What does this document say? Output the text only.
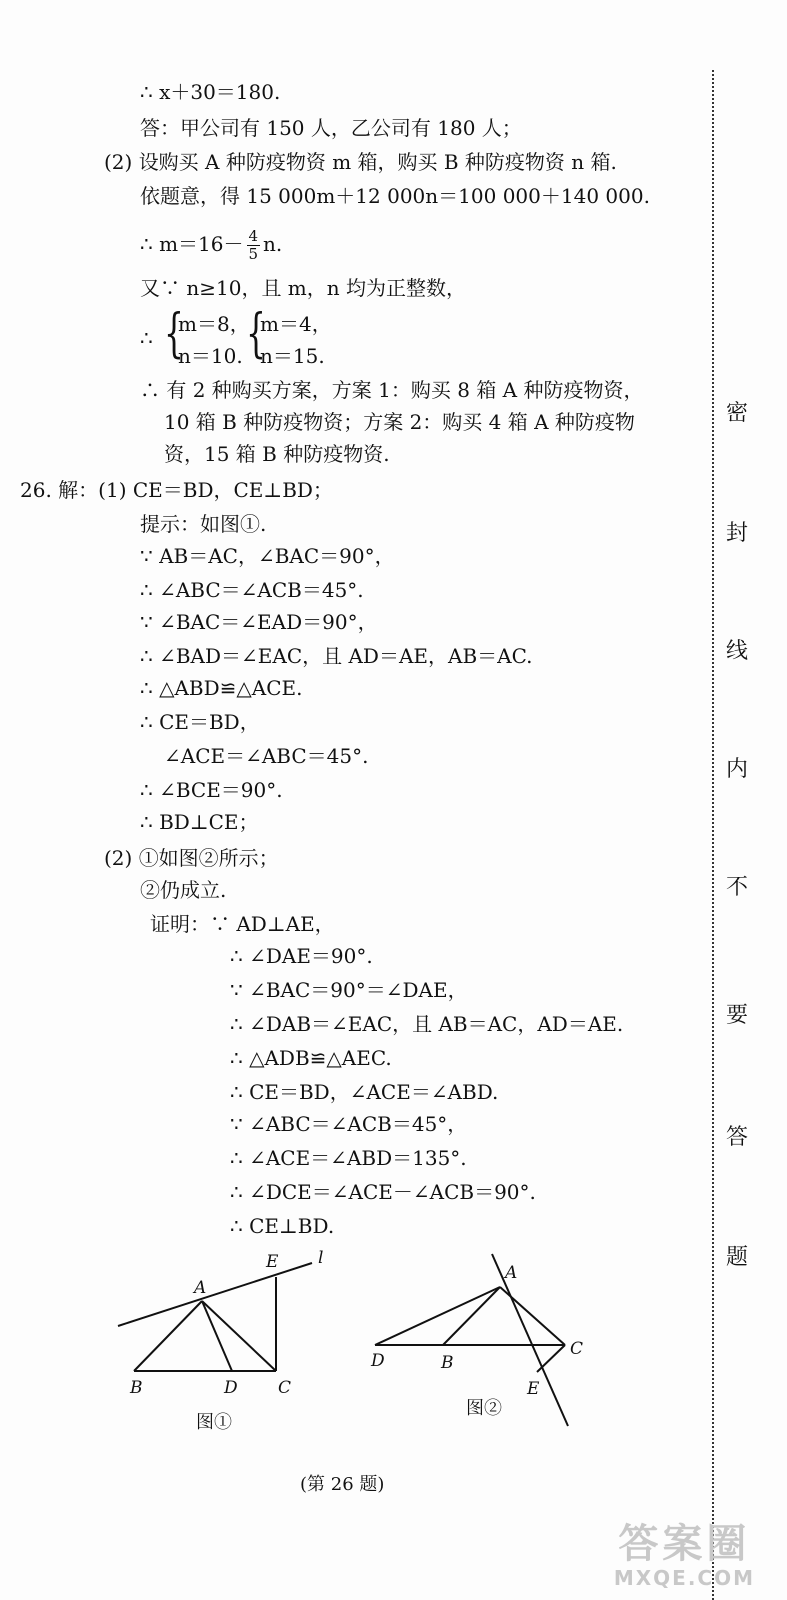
密
封
线
内
不
要
答
题
∴ x＋30＝180.
答：甲公司有 150 人，乙公司有 180 人；
(2) 设购买 A 种防疫物资 m 箱，购买 B 种防疫物资 n 箱.
依题意，得 15 000m＋12 000n＝100 000＋140 000.
∴ $m=16- \frac{4}{5} n$.
又∵ n≥10，且 m，n 均为正整数，
∴ {
m＝8，
n＝10. {
m＝4，
n＝15.
∴ 有 2 种购买方案，方案 1：购买 8 箱 A 种防疫物资，
10 箱 B 种防疫物资；方案 2：购买 4 箱 A 种防疫物
资，15 箱 B 种防疫物资.
26. 解：(1) CE＝BD，CE⊥BD；
提示：如图①.
∵ AB＝AC，∠BAC＝90°，
∴ ∠ABC＝∠ACB＝45°.
∵ ∠BAC＝∠EAD＝90°，
∴ ∠BAD＝∠EAC，且 AD＝AE，AB＝AC.
∴ △ABD≌△ACE.
∴ CE＝BD，
∠ACE＝∠ABC＝45°.
∴ ∠BCE＝90°.
∴ BD⊥CE；
(2) ①如图②所示；
②仍成立.
证明：∵ AD⊥AE，
∴ ∠DAE＝90°.
∵ ∠BAC＝90°＝∠DAE，
∴ ∠DAB＝∠EAC，且 AB＝AC，AD＝AE.
∴ △ADB≌△AEC.
∴ CE＝BD，∠ACE＝∠ABD.
∵ ∠ABC＝∠ACB＝45°，
∴ ∠ACE＝∠ABD＝135°.
∴ ∠DCE＝∠ACE－∠ACB＝90°.
∴ CE⊥BD.
A
B	D C
E l
图①
A
B
C
D
E
图②
(第 26 题)
答案圈
MXQE.COM
